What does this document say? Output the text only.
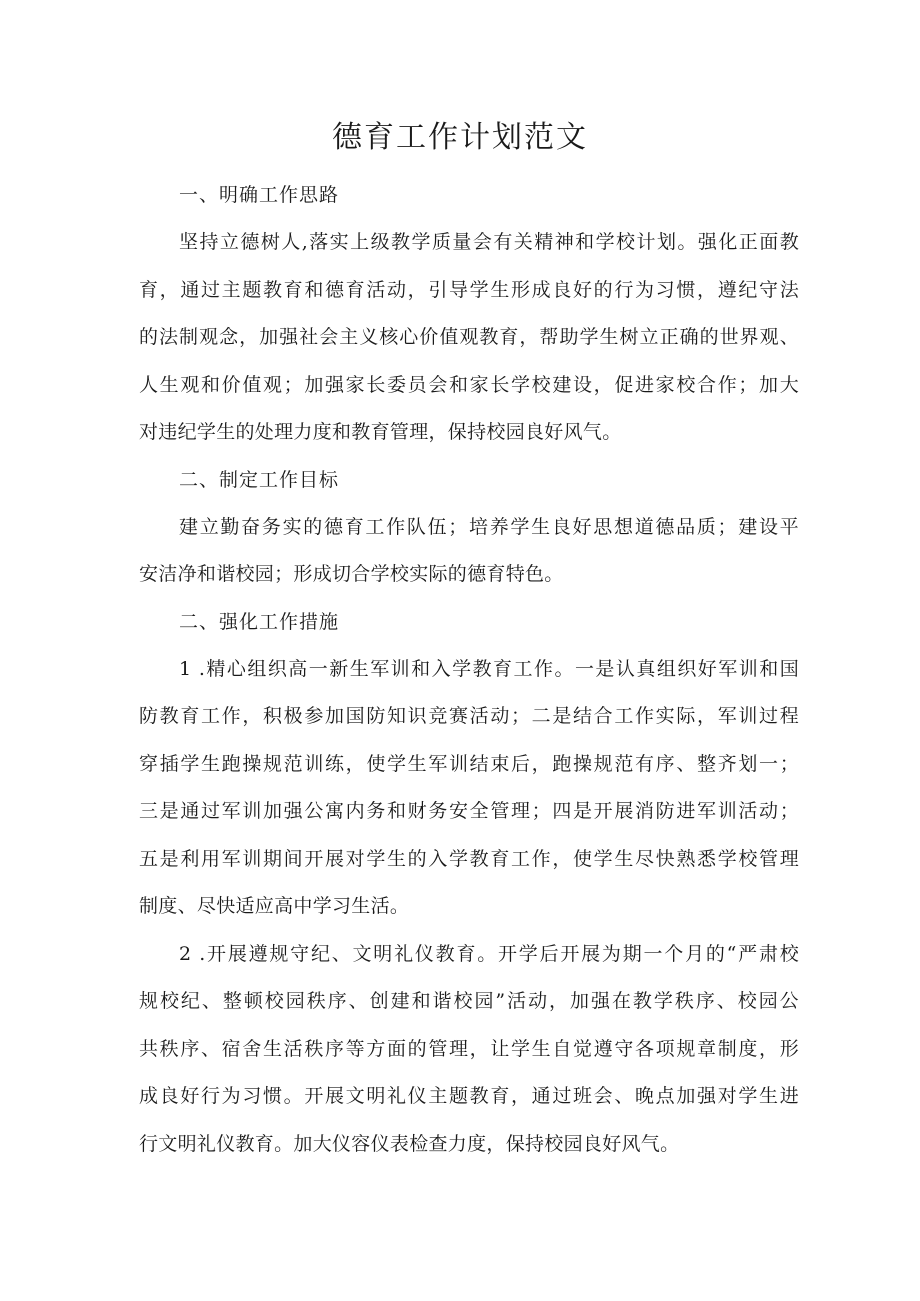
德育工作计划范文
一、明确工作思路
坚持立德树人,落实上级教学质量会有关精神和学校计划。强化正面教
育，通过主题教育和德育活动，引导学生形成良好的行为习惯，遵纪守法
的法制观念，加强社会主义核心价值观教育，帮助学生树立正确的世界观、
人生观和价值观；加强家长委员会和家长学校建设，促进家校合作；加大
对违纪学生的处理力度和教育管理，保持校园良好风气。
二、制定工作目标
建立勤奋务实的德育工作队伍；培养学生良好思想道德品质；建设平
安洁净和谐校园；形成切合学校实际的德育特色。
二、强化工作措施
1 .精心组织高一新生军训和入学教育工作。一是认真组织好军训和国
防教育工作，积极参加国防知识竞赛活动；二是结合工作实际，军训过程
穿插学生跑操规范训练，使学生军训结束后，跑操规范有序、整齐划一；
三是通过军训加强公寓内务和财务安全管理；四是开展消防进军训活动；
五是利用军训期间开展对学生的入学教育工作，使学生尽快熟悉学校管理
制度、尽快适应高中学习生活。
2 .开展遵规守纪、文明礼仪教育。开学后开展为期一个月的“严肃校
规校纪、整顿校园秩序、创建和谐校园”活动，加强在教学秩序、校园公
共秩序、宿舍生活秩序等方面的管理，让学生自觉遵守各项规章制度，形
成良好行为习惯。开展文明礼仪主题教育，通过班会、晚点加强对学生进
行文明礼仪教育。加大仪容仪表检查力度，保持校园良好风气。
